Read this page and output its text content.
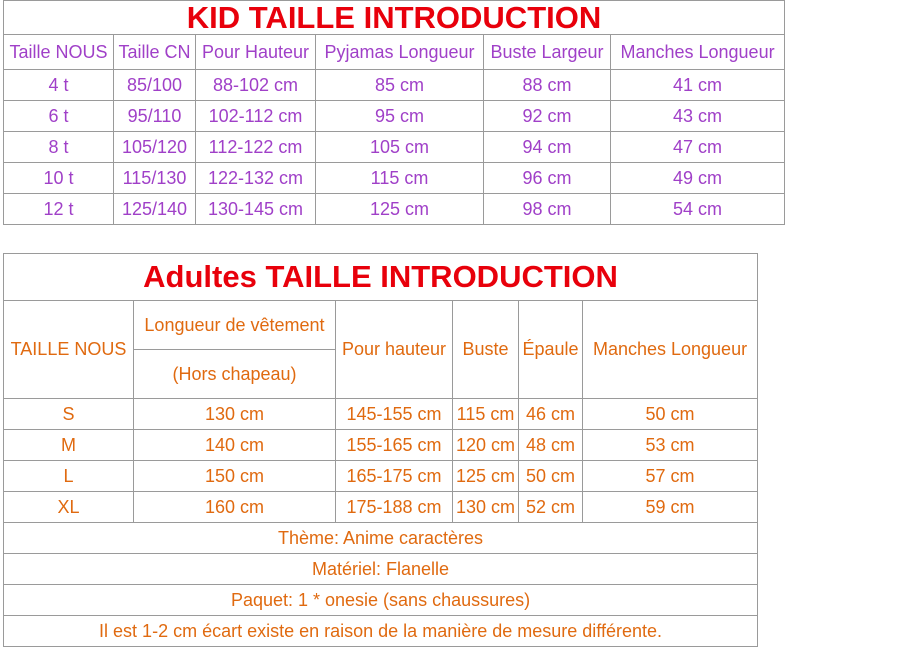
KID TAILLE INTRODUCTION					
Taille NOUS	Taille CN	Pour Hauteur	Pyjamas Longueur	Buste Largeur	Manches Longueur
4 t	85/100	88-102 cm	85 cm	88 cm	41 cm
6 t	95/110	102-112 cm	95 cm	92 cm	43 cm
8 t	105/120	112-122 cm	105 cm	94 cm	47 cm
10 t	115/130	122-132 cm	115 cm	96 cm	49 cm
12 t	125/140	130-145 cm	125 cm	98 cm	54 cm
Adultes TAILLE INTRODUCTION					
TAILLE NOUS	Longueur de vêtement	Pour hauteur	Buste	Épaule	Manches Longueur
	(Hors chapeau)				
S	130 cm	145-155 cm	115 cm	46 cm	50 cm
M	140 cm	155-165 cm	120 cm	48 cm	53 cm
L	150 cm	165-175 cm	125 cm	50 cm	57 cm
XL	160 cm	175-188 cm	130 cm	52 cm	59 cm
Thème: Anime caractères					
Matériel: Flanelle					
Paquet: 1 * onesie (sans chaussures)					
Il est 1-2 cm écart existe en raison de la manière de mesure différente.					
